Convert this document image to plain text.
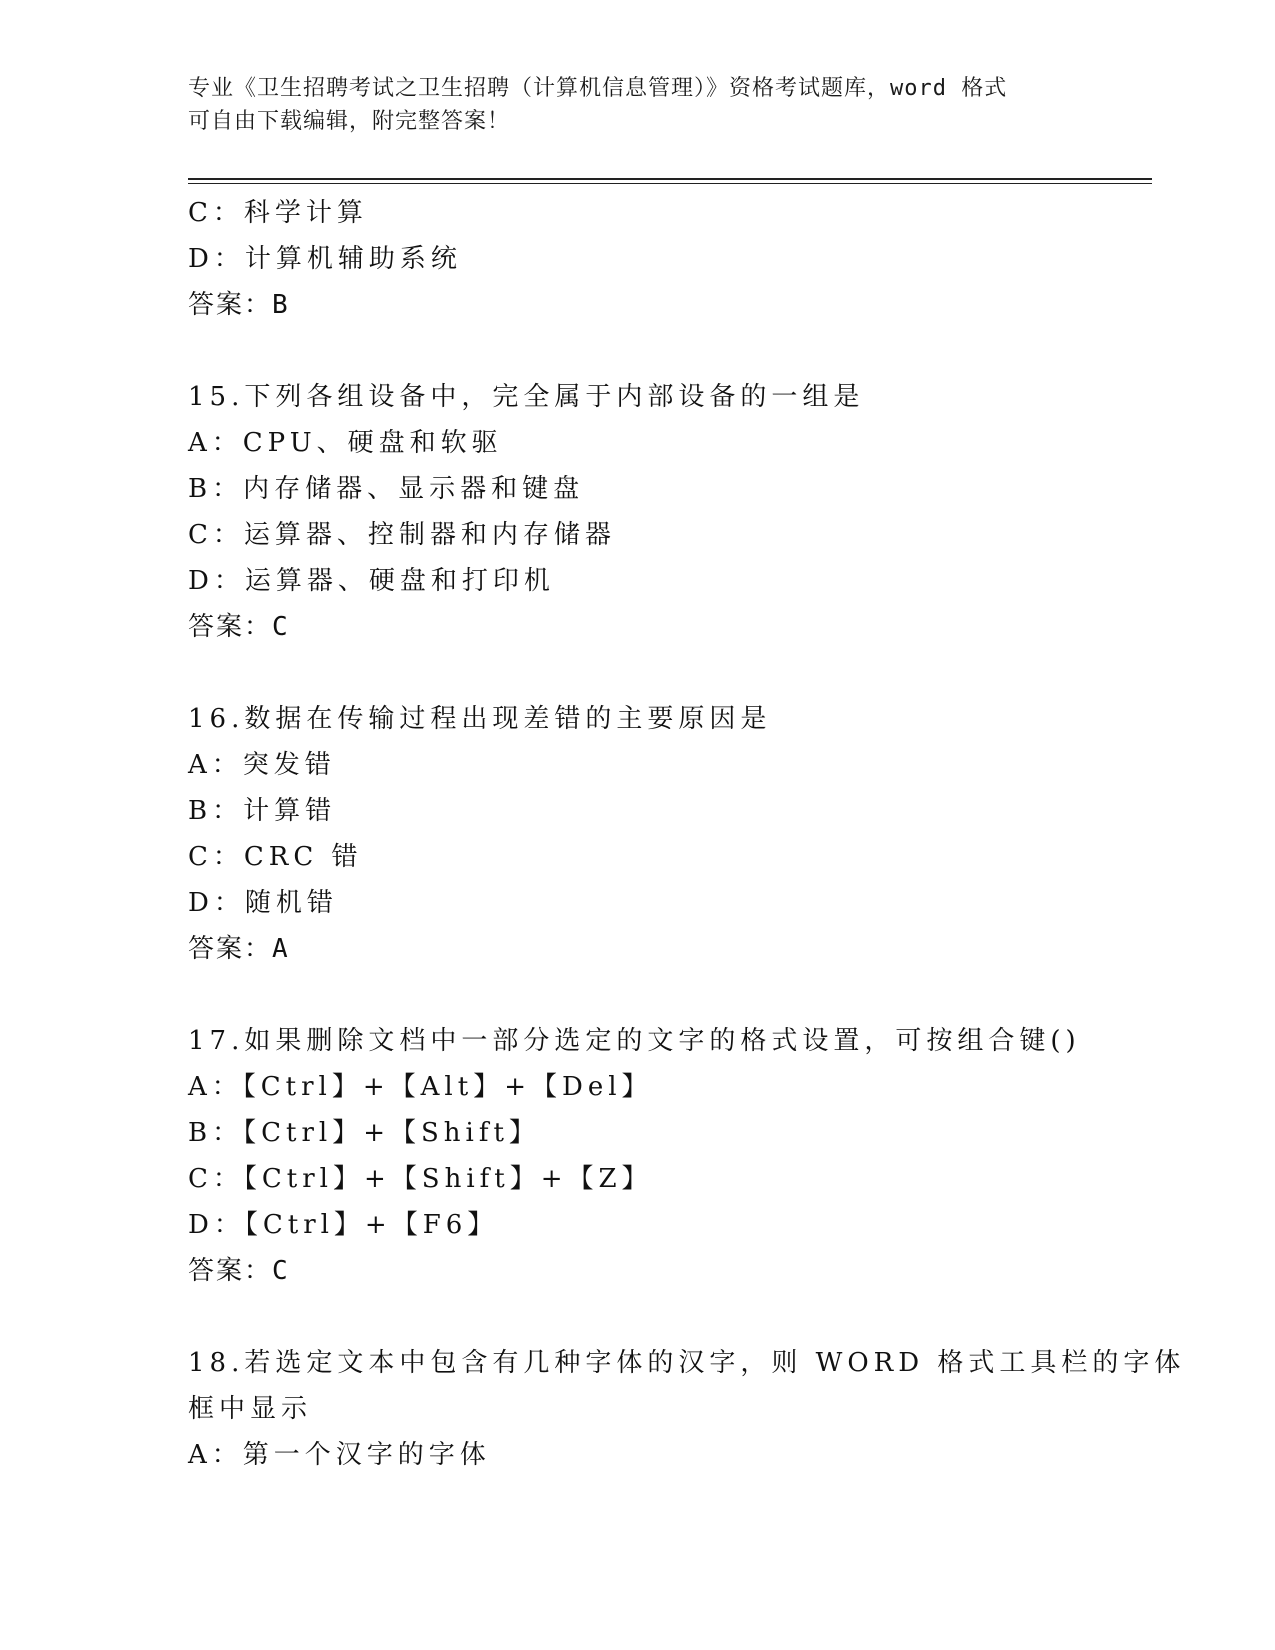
专业《卫生招聘考试之卫生招聘（计算机信息管理）》资格考试题库，word 格式
可自由下载编辑，附完整答案！
C：科学计算
D：计算机辅助系统
答案：B
15.下列各组设备中，完全属于内部设备的一组是
A：CPU、硬盘和软驱
B：内存储器、显示器和键盘
C：运算器、控制器和内存储器
D：运算器、硬盘和打印机
答案：C
16.数据在传输过程出现差错的主要原因是
A：突发错
B：计算错
C：CRC 错
D：随机错
答案：A
17.如果删除文档中一部分选定的文字的格式设置，可按组合键()
A：【Ctrl】+【Alt】+【Del】
B：【Ctrl】+【Shift】
C：【Ctrl】+【Shift】+【Z】
D：【Ctrl】+【F6】
答案：C
18.若选定文本中包含有几种字体的汉字，则 WORD 格式工具栏的字体
框中显示
A：第一个汉字的字体
